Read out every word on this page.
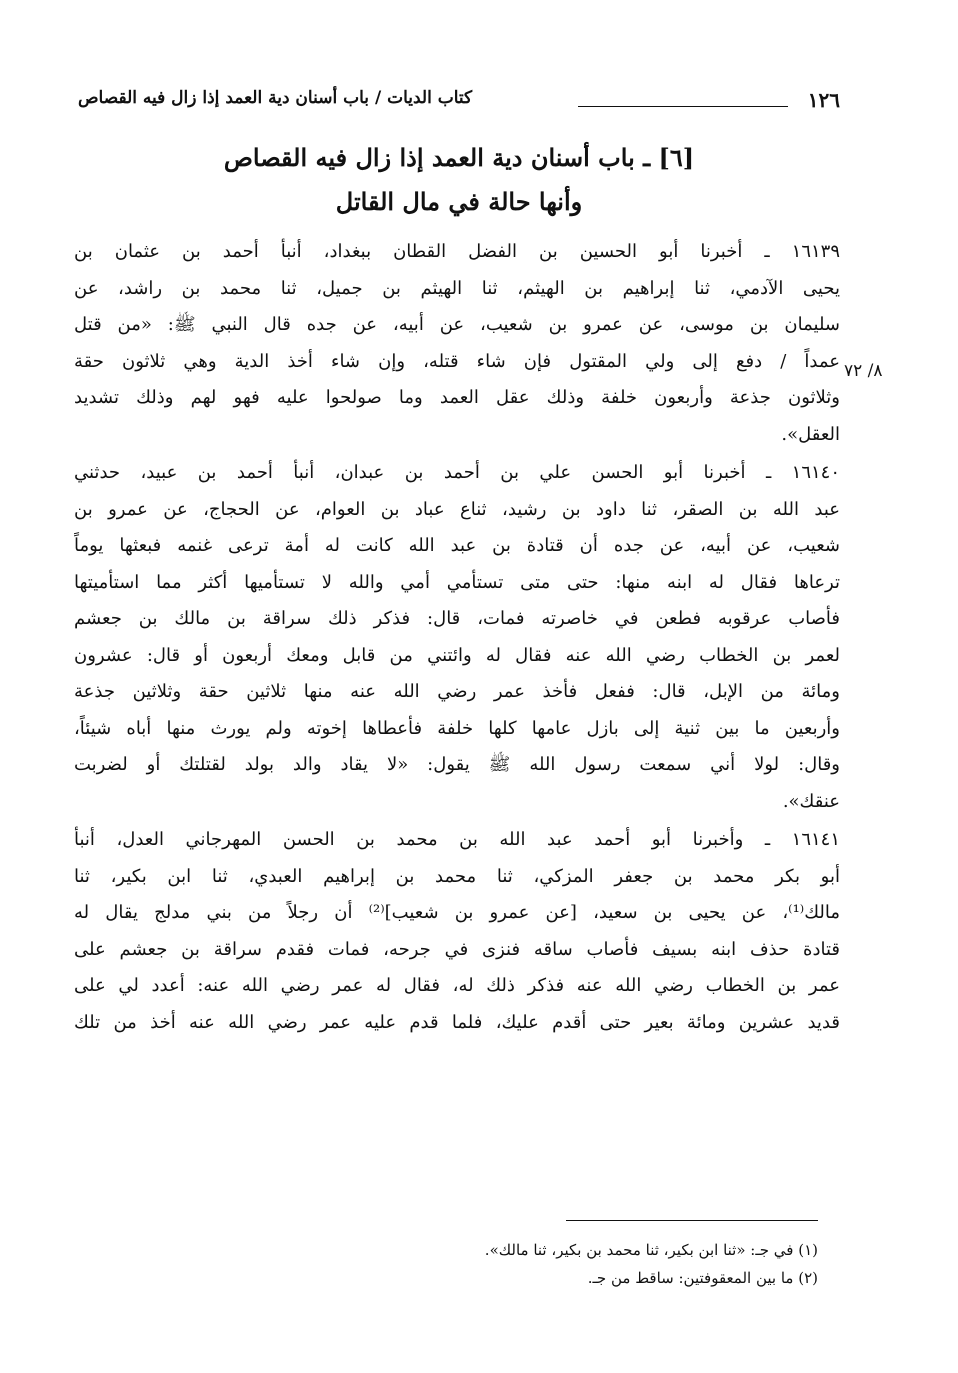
١٢٦
كتاب الديات / باب أسنان دية العمد إذا زال فيه القصاص
[٦] ـ باب أسنان دية العمد إذا زال فيه القصاص
وأنها حالة في مال القاتل
٨/ ٧٢
١٦١٣٩ ـ أخبرنا أبو الحسين بن الفضل القطان ببغداد، أنبأ أحمد بن عثمان بن
يحيى الآدمي، ثنا إبراهيم بن الهيثم، ثنا الهيثم بن جميل، ثنا محمد بن راشد، عن
سليمان بن موسى، عن عمرو بن شعيب، عن أبيه، عن جده قال النبي ﷺ: «من قتل
عمداً / دفع إلى ولي المقتول فإن شاء قتله، وإن شاء أخذ الدية وهي ثلاثون حقة
وثلاثون جذعة وأربعون خلفة وذلك عقل العمد وما صولحوا عليه فهو لهم وذلك تشديد
العقل».
١٦١٤٠ ـ أخبرنا أبو الحسن علي بن أحمد بن عبدان، أنبأ أحمد بن عبيد، حدثني
عبد الله بن الصقر، ثنا داود بن رشيد، ثناع عباد بن العوام، عن الحجاج، عن عمرو بن
شعيب، عن أبيه، عن جده أن قتادة بن عبد الله كانت له أمة ترعى غنمه فبعثها يوماً
ترعاها فقال له ابنه منها: حتى متى تستأمي أمي والله لا تستأميها أكثر مما استأميتها
فأصاب عرقوبه فطعن في خاصرته فمات، قال: فذكر ذلك سراقة بن مالك بن جعشم
لعمر بن الخطاب رضي الله عنه فقال له وائتني من قابل ومعك أربعون أو قال: عشرون
ومائة من الإبل، قال: ففعل فأخذ عمر رضي الله عنه منها ثلاثين حقة وثلاثين جذعة
وأربعين ما بين ثنية إلى بازل عامها كلها خلفة فأعطاها إخوته ولم يورث منها أباه شيئاً،
وقال: لولا أني سمعت رسول الله ﷺ يقول: «لا يقاد والد بولد لقتلتك أو لضربت
عنقك».
١٦١٤١ ـ وأخبرنا أبو أحمد عبد الله بن محمد بن الحسن المهرجاني العدل، أنبأ
أبو بكر محمد بن جعفر المزكي، ثنا محمد بن إبراهيم العبدي، ثنا ابن بكير، ثنا
مالك⁽¹⁾، عن يحيى بن سعيد، [عن عمرو بن شعيب]⁽²⁾ أن رجلاً من بني مدلج يقال له
قتادة حذف ابنه بسيف فأصاب ساقه فنزى في جرحه، فمات فقدم سراقة بن جعشم على
عمر بن الخطاب رضي الله عنه فذكر ذلك له، فقال له عمر رضي الله عنه: أعدد لي على
قديد عشرين ومائة بعير حتى أقدم عليك، فلما قدم عليه عمر رضي الله عنه أخذ من تلك
(١) في جـ: «ثنا ابن بكير، ثنا محمد بن بكير، ثنا مالك».
(٢) ما بين المعقوفتين: ساقط من جـ.
